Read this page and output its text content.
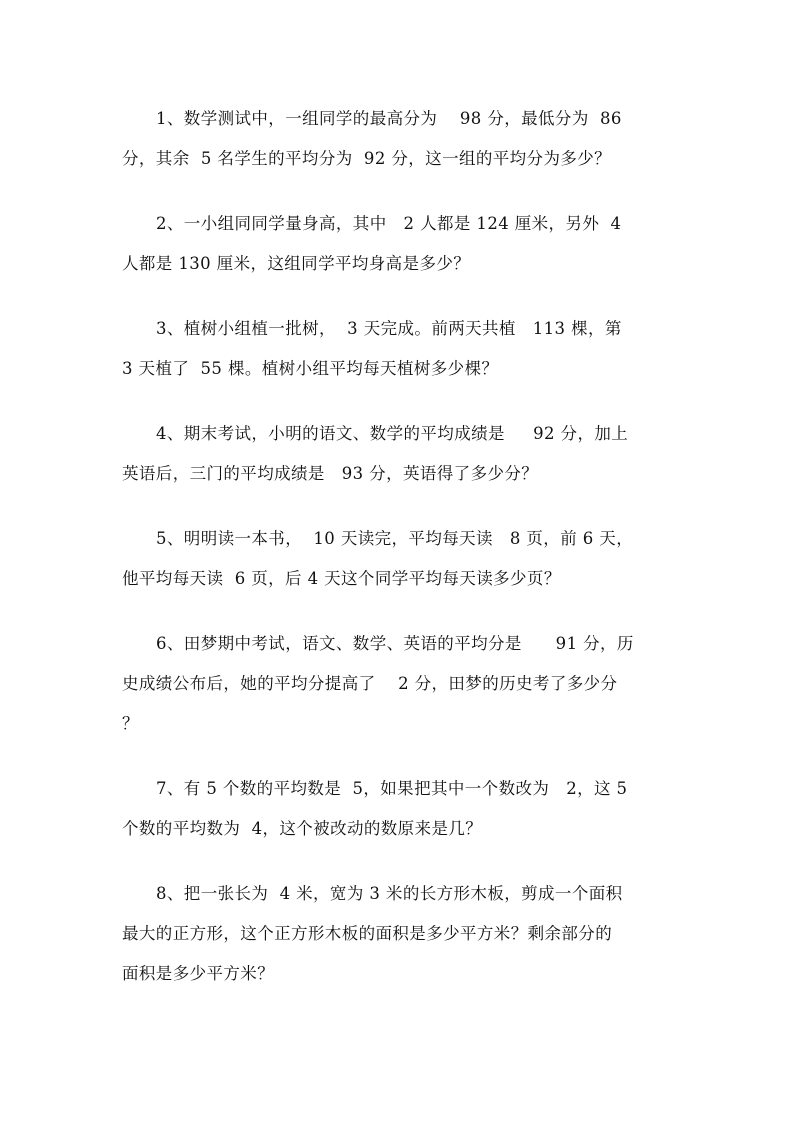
1、数学测试中，一组同学的最高分为    98 分，最低分为  86
分，其余  5 名学生的平均分为  92 分，这一组的平均分为多少？
2、一小组同同学量身高，其中   2 人都是 124 厘米，另外  4
人都是 130 厘米，这组同学平均身高是多少？
3、植树小组植一批树，  3 天完成。前两天共植   113 棵，第
3 天植了  55 棵。植树小组平均每天植树多少棵？
4、期末考试，小明的语文、数学的平均成绩是     92 分，加上
英语后，三门的平均成绩是   93 分，英语得了多少分？
5、明明读一本书，  10 天读完，平均每天读   8 页，前 6 天，
他平均每天读  6 页，后 4 天这个同学平均每天读多少页？
6、田梦期中考试，语文、数学、英语的平均分是      91 分，历
史成绩公布后，她的平均分提高了    2 分，田梦的历史考了多少分
？
7、有 5 个数的平均数是  5，如果把其中一个数改为   2，这 5
个数的平均数为  4，这个被改动的数原来是几？
8、把一张长为  4 米，宽为 3 米的长方形木板，剪成一个面积
最大的正方形，这个正方形木板的面积是多少平方米？剩余部分的
面积是多少平方米？
